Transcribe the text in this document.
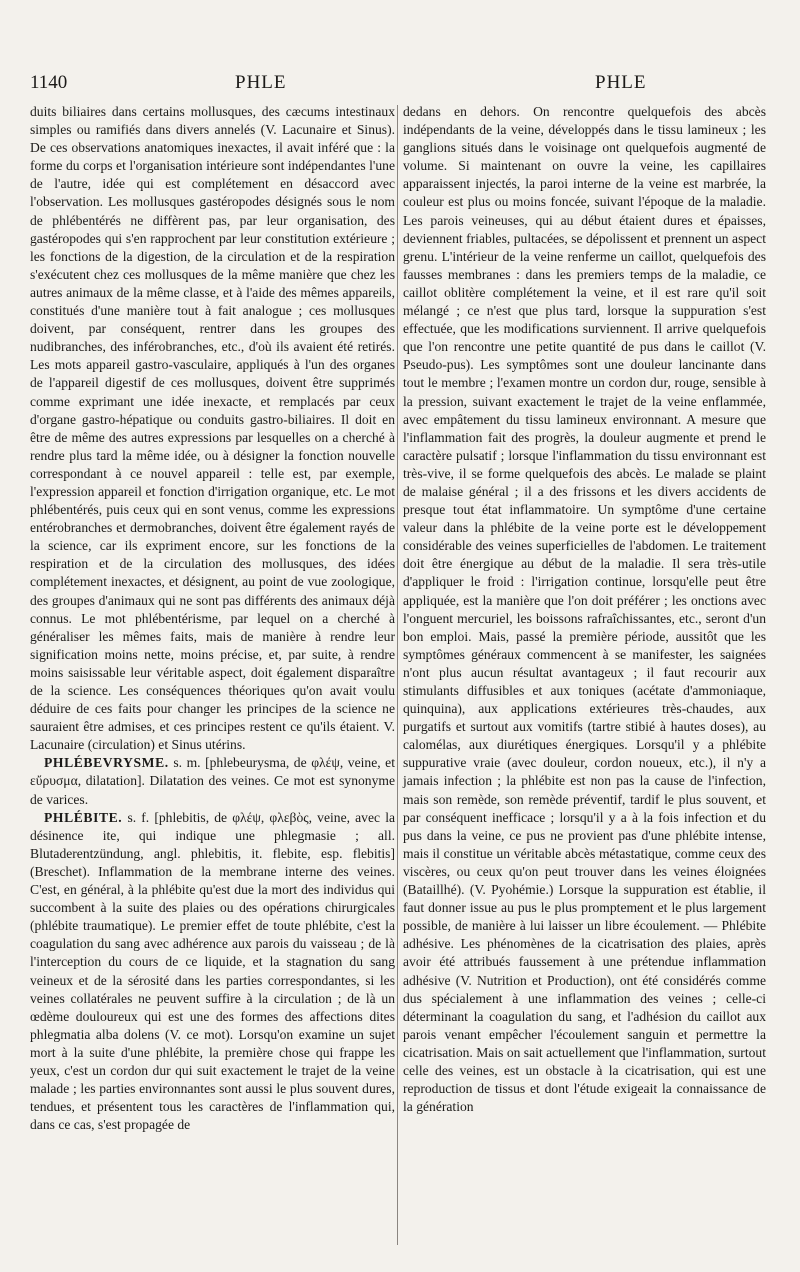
1140	PHLE	PHLE

duits biliaires dans certains mollusques, des cæcums intestinaux simples ou ramifiés dans divers annelés (V. Lacunaire et Sinus). De ces observations anatomiques inexactes, il avait inféré que : la forme du corps et l'organisation intérieure sont indépendantes l'une de l'autre, idée qui est complétement en désaccord avec l'observation. Les mollusques gastéropodes désignés sous le nom de phlébentérés ne diffèrent pas, par leur organisation, des gastéropodes qui s'en rapprochent par leur constitution extérieure ; les fonctions de la digestion, de la circulation et de la respiration s'exécutent chez ces mollusques de la même manière que chez les autres animaux de la même classe, et à l'aide des mêmes appareils, constitués d'une manière tout à fait analogue ; ces mollusques doivent, par conséquent, rentrer dans les groupes des nudibranches, des inférobranches, etc., d'où ils avaient été retirés. Les mots appareil gastro-vasculaire, appliqués à l'un des organes de l'appareil digestif de ces mollusques, doivent être supprimés comme exprimant une idée inexacte, et remplacés par ceux d'organe gastro-hépatique ou conduits gastro-biliaires. Il doit en être de même des autres expressions par lesquelles on a cherché à rendre plus tard la même idée, ou à désigner la fonction nouvelle correspondant à ce nouvel appareil : telle est, par exemple, l'expression appareil et fonction d'irrigation organique, etc. Le mot phlébentérés, puis ceux qui en sont venus, comme les expressions entérobranches et dermobranches, doivent être également rayés de la science, car ils expriment encore, sur les fonctions de la respiration et de la circulation des mollusques, des idées complétement inexactes, et désignent, au point de vue zoologique, des groupes d'animaux qui ne sont pas différents des animaux déjà connus. Le mot phlébentérisme, par lequel on a cherché à généraliser les mêmes faits, mais de manière à rendre leur signification moins nette, moins précise, et, par suite, à rendre moins saisissable leur véritable aspect, doit également disparaître de la science. Les conséquences théoriques qu'on avait voulu déduire de ces faits pour changer les principes de la science ne sauraient être admises, et ces principes restent ce qu'ils étaient. V. Lacunaire (circulation) et Sinus utérins.

PHLÉBEVRYSME. s. m. [phlebeurysma, de φλέψ, veine, et εὔρυσμα, dilatation]. Dilatation des veines. Ce mot est synonyme de varices.

PHLÉBITE. s. f. [phlebitis, de φλέψ, φλεβὸς, veine, avec la désinence ite, qui indique une phlegmasie ; all. Blutaderentzündung, angl. phlebitis, it. flebite, esp. flebitis] (Breschet). Inflammation de la membrane interne des veines. C'est, en général, à la phlébite qu'est due la mort des individus qui succombent à la suite des plaies ou des opérations chirurgicales (phlébite traumatique). Le premier effet de toute phlébite, c'est la coagulation du sang avec adhérence aux parois du vaisseau ; de là l'interception du cours de ce liquide, et la stagnation du sang veineux et de la sérosité dans les parties correspondantes, si les veines collatérales ne peuvent suffire à la circulation ; de là un œdème douloureux qui est une des formes des affections dites phlegmatia alba dolens (V. ce mot). Lorsqu'on examine un sujet mort à la suite d'une phlébite, la première chose qui frappe les yeux, c'est un cordon dur qui suit exactement le trajet de la veine malade ; les parties environnantes sont aussi le plus souvent dures, tendues, et présentent tous les caractères de l'inflammation qui, dans ce cas, s'est propagée de

dedans en dehors. On rencontre quelquefois des abcès indépendants de la veine, développés dans le tissu lamineux ; les ganglions situés dans le voisinage ont quelquefois augmenté de volume. Si maintenant on ouvre la veine, les capillaires apparaissent injectés, la paroi interne de la veine est marbrée, la couleur est plus ou moins foncée, suivant l'époque de la maladie. Les parois veineuses, qui au début étaient dures et épaisses, deviennent friables, pultacées, se dépolissent et prennent un aspect grenu. L'intérieur de la veine renferme un caillot, quelquefois des fausses membranes : dans les premiers temps de la maladie, ce caillot oblitère complétement la veine, et il est rare qu'il soit mélangé ; ce n'est que plus tard, lorsque la suppuration s'est effectuée, que les modifications surviennent. Il arrive quelquefois que l'on rencontre une petite quantité de pus dans le caillot (V. Pseudo-pus). Les symptômes sont une douleur lancinante dans tout le membre ; l'examen montre un cordon dur, rouge, sensible à la pression, suivant exactement le trajet de la veine enflammée, avec empâtement du tissu lamineux environnant. A mesure que l'inflammation fait des progrès, la douleur augmente et prend le caractère pulsatif ; lorsque l'inflammation du tissu environnant est très-vive, il se forme quelquefois des abcès. Le malade se plaint de malaise général ; il a des frissons et les divers accidents de presque tout état inflammatoire. Un symptôme d'une certaine valeur dans la phlébite de la veine porte est le développement considérable des veines superficielles de l'abdomen. Le traitement doit être énergique au début de la maladie. Il sera très-utile d'appliquer le froid : l'irrigation continue, lorsqu'elle peut être appliquée, est la manière que l'on doit préférer ; les onctions avec l'onguent mercuriel, les boissons rafraîchissantes, etc., seront d'un bon emploi. Mais, passé la première période, aussitôt que les symptômes généraux commencent à se manifester, les saignées n'ont plus aucun résultat avantageux ; il faut recourir aux stimulants diffusibles et aux toniques (acétate d'ammoniaque, quinquina), aux applications extérieures très-chaudes, aux purgatifs et surtout aux vomitifs (tartre stibié à hautes doses), au calomélas, aux diurétiques énergiques. Lorsqu'il y a phlébite suppurative vraie (avec douleur, cordon noueux, etc.), il n'y a jamais infection ; la phlébite est non pas la cause de l'infection, mais son remède, son remède préventif, tardif le plus souvent, et par conséquent inefficace ; lorsqu'il y a à la fois infection et du pus dans la veine, ce pus ne provient pas d'une phlébite intense, mais il constitue un véritable abcès métastatique, comme ceux des viscères, ou ceux qu'on peut trouver dans les veines éloignées (Bataillhé). (V. Pyohémie.) Lorsque la suppuration est établie, il faut donner issue au pus le plus promptement et le plus largement possible, de manière à lui laisser un libre écoulement. — Phlébite adhésive. Les phénomènes de la cicatrisation des plaies, après avoir été attribués faussement à une prétendue inflammation adhésive (V. Nutrition et Production), ont été considérés comme dus spécialement à une inflammation des veines ; celle-ci déterminant la coagulation du sang, et l'adhésion du caillot aux parois venant empêcher l'écoulement sanguin et permettre la cicatrisation. Mais on sait actuellement que l'inflammation, surtout celle des veines, est un obstacle à la cicatrisation, qui est une reproduction de tissus et dont l'étude exigeait la connaissance de la génération
